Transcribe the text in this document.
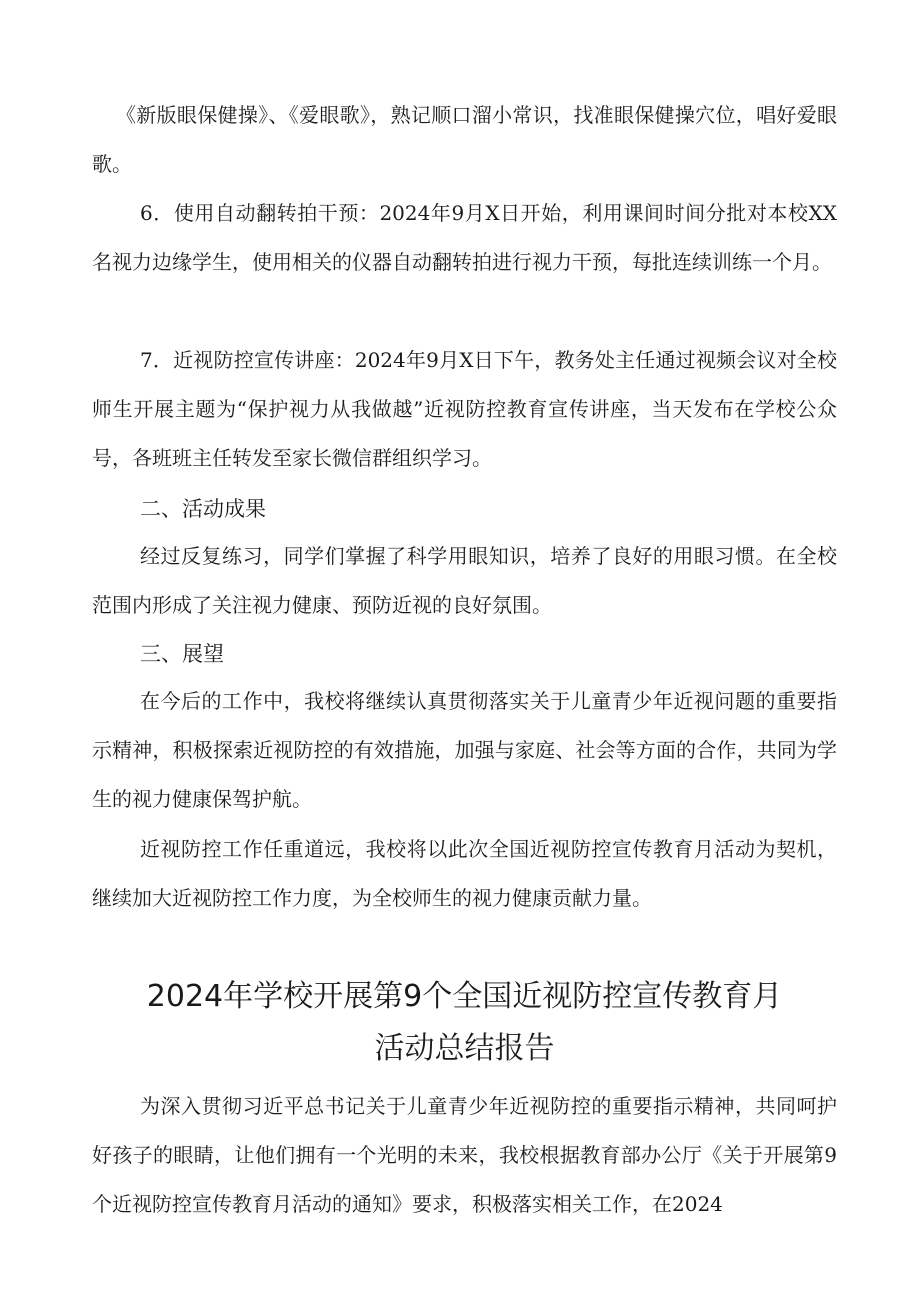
《新版眼保健操》、《爱眼歌》，熟记顺口溜小常识，找准眼保健操穴位，唱好爱眼歌。

6．使用自动翻转拍干预：2024年9月X日开始，利用课间时间分批对本校XX名视力边缘学生，使用相关的仪器自动翻转拍进行视力干预，每批连续训练一个月。

7．近视防控宣传讲座：2024年9月X日下午，教务处主任通过视频会议对全校师生开展主题为“保护视力从我做越”近视防控教育宣传讲座，当天发布在学校公众号，各班班主任转发至家长微信群组织学习。

二、活动成果

经过反复练习，同学们掌握了科学用眼知识，培养了良好的用眼习惯。在全校范围内形成了关注视力健康、预防近视的良好氛围。

三、展望

在今后的工作中，我校将继续认真贯彻落实关于儿童青少年近视问题的重要指示精神，积极探索近视防控的有效措施，加强与家庭、社会等方面的合作，共同为学生的视力健康保驾护航。

近视防控工作任重道远，我校将以此次全国近视防控宣传教育月活动为契机，继续加大近视防控工作力度，为全校师生的视力健康贡献力量。

2024年学校开展第9个全国近视防控宣传教育月
活动总结报告

为深入贯彻习近平总书记关于儿童青少年近视防控的重要指示精神，共同呵护好孩子的眼睛，让他们拥有一个光明的未来，我校根据教育部办公厅《关于开展第9个近视防控宣传教育月活动的通知》要求，积极落实相关工作，在2024
